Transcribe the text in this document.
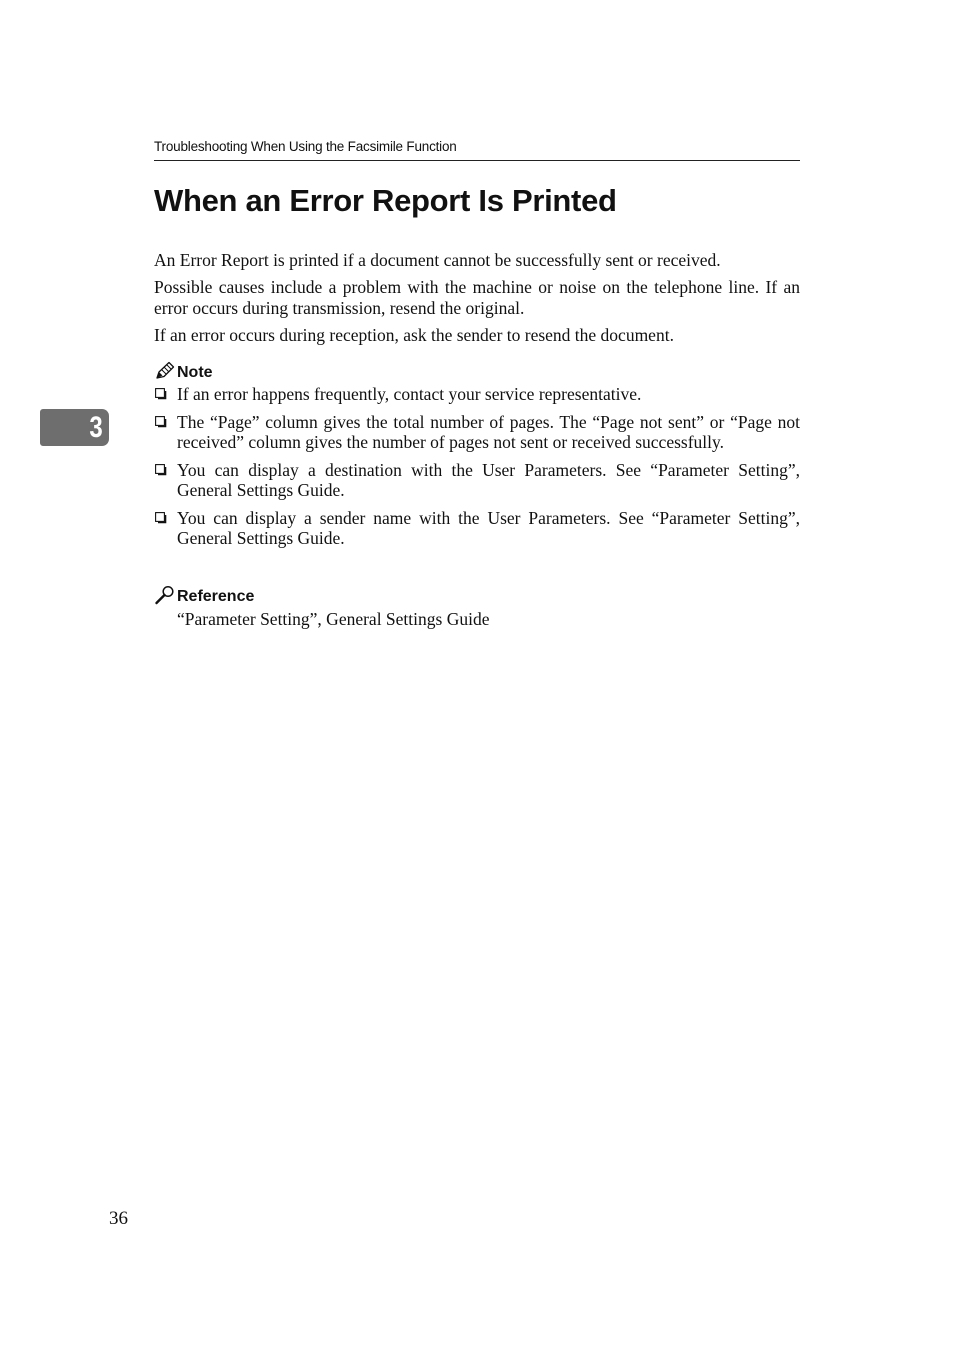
Troubleshooting When Using the Facsimile Function
When an Error Report Is Printed

An Error Report is printed if a document cannot be successfully sent or received.

Possible causes include a problem with the machine or noise on the telephone line. If an error occurs during transmission, resend the original.

If an error occurs during reception, ask the sender to resend the document.

3
Note
If an error happens frequently, contact your service representative.
The “Page” column gives the total number of pages. The “Page not sent” or “Page not received” column gives the number of pages not sent or received successfully.
You can display a destination with the User Parameters. See “Parameter Setting”, General Settings Guide.
You can display a sender name with the User Parameters. See “Parameter Setting”, General Settings Guide.
Reference

“Parameter Setting”, General Settings Guide

36
